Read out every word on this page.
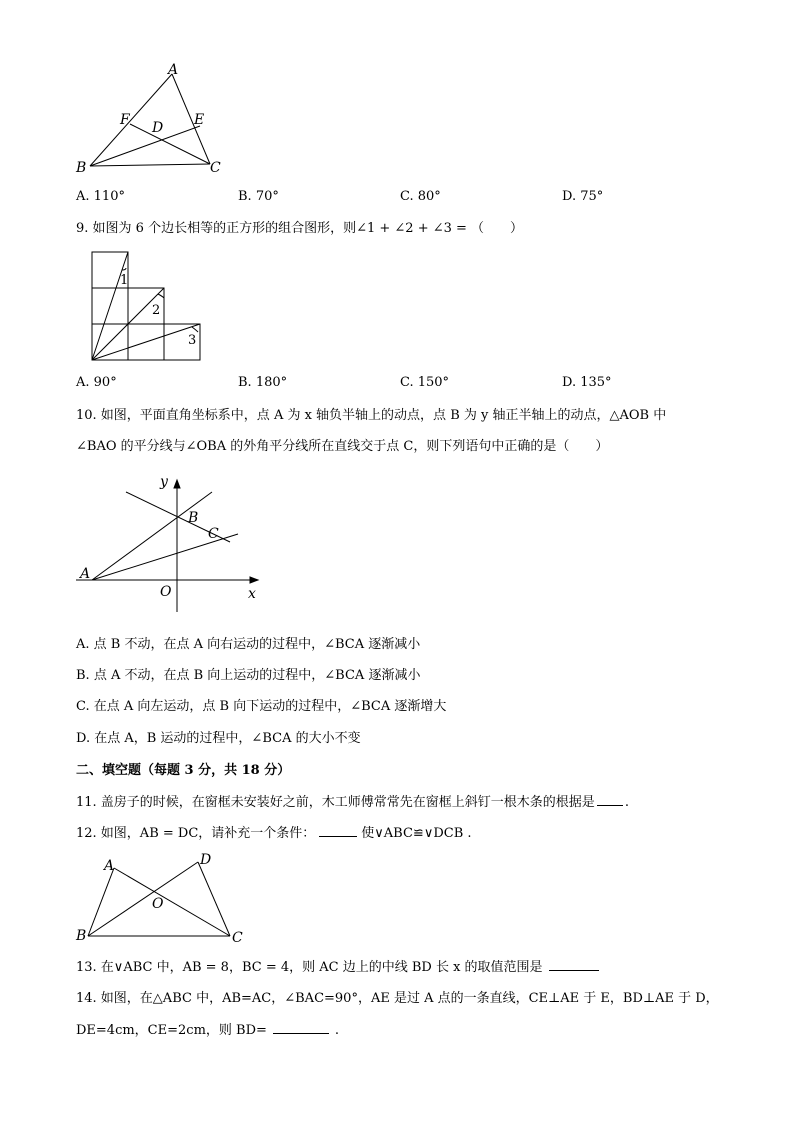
A
F	E
D
B	C
A. 110°	B. 70°	C. 80°	D. 75°
9. 如图为 6 个边长相等的正方形的组合图形，则∠1 + ∠2 + ∠3 = （　　）
1
2
3
A. 90°	B. 180°	C. 150°	D. 135°
10. 如图，平面直角坐标系中，点 A 为 x 轴负半轴上的动点，点 B 为 y 轴正半轴上的动点，△AOB 中
∠BAO 的平分线与∠OBA 的外角平分线所在直线交于点 C，则下列语句中正确的是（　　）
y
B
C
A
O	x
A. 点 B 不动，在点 A 向右运动的过程中，∠BCA 逐渐减小
B. 点 A 不动，在点 B 向上运动的过程中，∠BCA 逐渐减小
C. 在点 A 向左运动，点 B 向下运动的过程中，∠BCA 逐渐增大
D. 在点 A，B 运动的过程中，∠BCA 的大小不变
二、填空题（每题 3 分，共 18 分）
11. 盖房子的时候，在窗框未安装好之前，木工师傅常常先在窗框上斜钉一根木条的根据是 .
12. 如图，AB = DC，请补充一个条件：	使∨ABC≌∨DCB .
A	D
O
B	C
13. 在∨ABC 中，AB = 8，BC = 4，则 AC 边上的中线 BD 长 x 的取值范围是
14. 如图，在△ABC 中，AB=AC，∠BAC=90°，AE 是过 A 点的一条直线，CE⊥AE 于 E，BD⊥AE 于 D，
DE=4cm，CE=2cm，则 BD=	.
